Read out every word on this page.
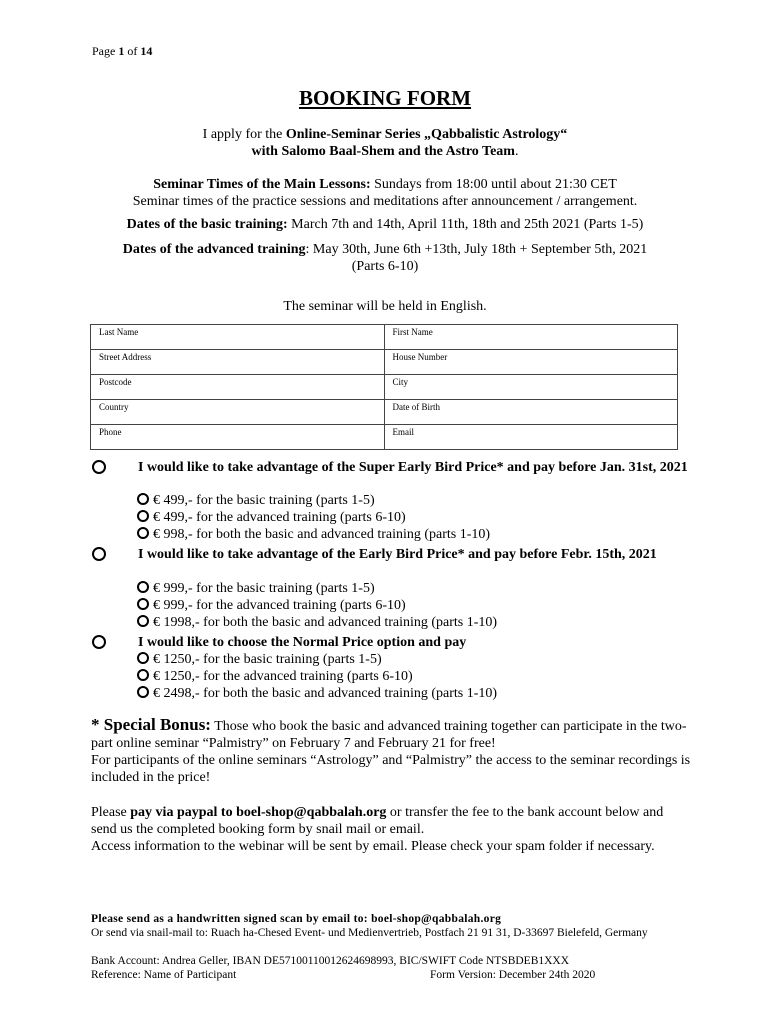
Page 1 of 14
BOOKING FORM
I apply for the Online-Seminar Series „Qabbalistic Astrology“
with Salomo Baal-Shem and the Astro Team.
Seminar Times of the Main Lessons: Sundays from 18:00 until about 21:30 CET
Seminar times of the practice sessions and meditations after announcement / arrangement.
Dates of the basic training: March 7th and 14th, April 11th, 18th and 25th 2021 (Parts 1-5)
Dates of the advanced training: May 30th, June 6th +13th, July 18th + September 5th, 2021
(Parts 6-10)
The seminar will be held in English.
Last Name	First Name
Street Address	House Number
Postcode	City
Country	Date of Birth
Phone	Email
I would like to take advantage of the Super Early Bird Price* and pay before Jan. 31st, 2021
€ 499,- for the basic training (parts 1-5)
€ 499,- for the advanced training (parts 6-10)
€ 998,- for both the basic and advanced training (parts 1-10)
I would like to take advantage of the Early Bird Price* and pay before Febr. 15th, 2021
€ 999,- for the basic training (parts 1-5)
€ 999,- for the advanced training (parts 6-10)
€ 1998,- for both the basic and advanced training (parts 1-10)
I would like to choose the Normal Price option and pay
€ 1250,- for the basic training (parts 1-5)
€ 1250,- for the advanced training (parts 6-10)
€ 2498,- for both the basic and advanced training (parts 1-10)
* Special Bonus: Those who book the basic and advanced training together can participate in the two-part online seminar “Palmistry” on February 7 and February 21 for free!
For participants of the online seminars “Astrology” and “Palmistry” the access to the seminar recordings is included in the price!
Please pay via paypal to boel-shop@qabbalah.org or transfer the fee to the bank account below and send us the completed booking form by snail mail or email.
Access information to the webinar will be sent by email. Please check your spam folder if necessary.
Please send as a handwritten signed scan by email to: boel-shop@qabbalah.org
Or send via snail-mail to: Ruach ha-Chesed Event- und Medienvertrieb, Postfach 21 91 31, D-33697 Bielefeld, Germany
Bank Account: Andrea Geller, IBAN DE57100110012624698993, BIC/SWIFT Code NTSBDEB1XXX
Reference: Name of Participant	Form Version: December 24th 2020
